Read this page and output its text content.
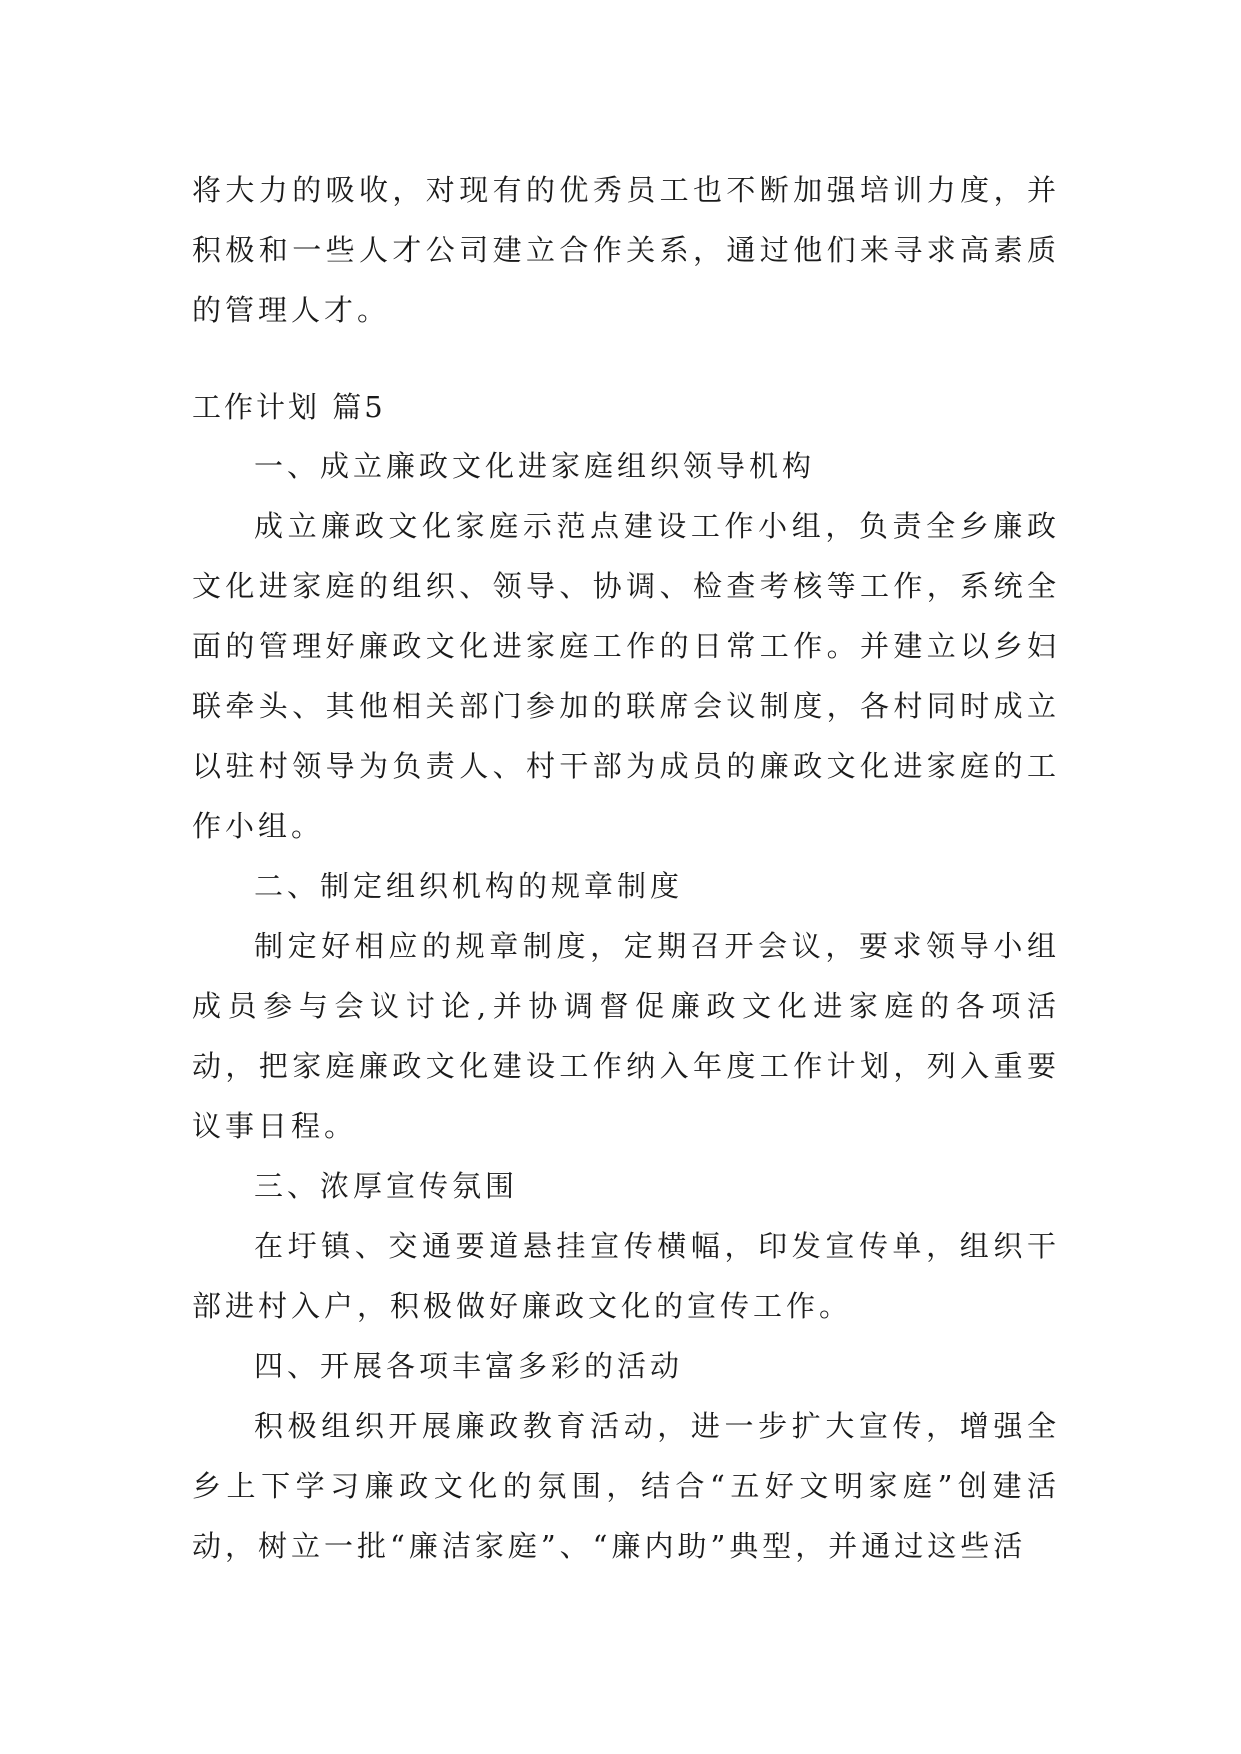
将大力的吸收，对现有的优秀员工也不断加强培训力度，并积极和一些人才公司建立合作关系，通过他们来寻求高素质的管理人才。

工作计划 篇5

一、成立廉政文化进家庭组织领导机构

成立廉政文化家庭示范点建设工作小组，负责全乡廉政文化进家庭的组织、领导、协调、检查考核等工作，系统全面的管理好廉政文化进家庭工作的日常工作。并建立以乡妇联牵头、其他相关部门参加的联席会议制度，各村同时成立以驻村领导为负责人、村干部为成员的廉政文化进家庭的工作小组。

二、制定组织机构的规章制度

制定好相应的规章制度，定期召开会议，要求领导小组成员参与会议讨论,并协调督促廉政文化进家庭的各项活动，把家庭廉政文化建设工作纳入年度工作计划，列入重要议事日程。

三、浓厚宣传氛围

在圩镇、交通要道悬挂宣传横幅，印发宣传单，组织干部进村入户，积极做好廉政文化的宣传工作。

四、开展各项丰富多彩的活动

积极组织开展廉政教育活动，进一步扩大宣传，增强全乡上下学习廉政文化的氛围，结合“五好文明家庭”创建活动，树立一批“廉洁家庭”、“廉内助”典型，并通过这些活
